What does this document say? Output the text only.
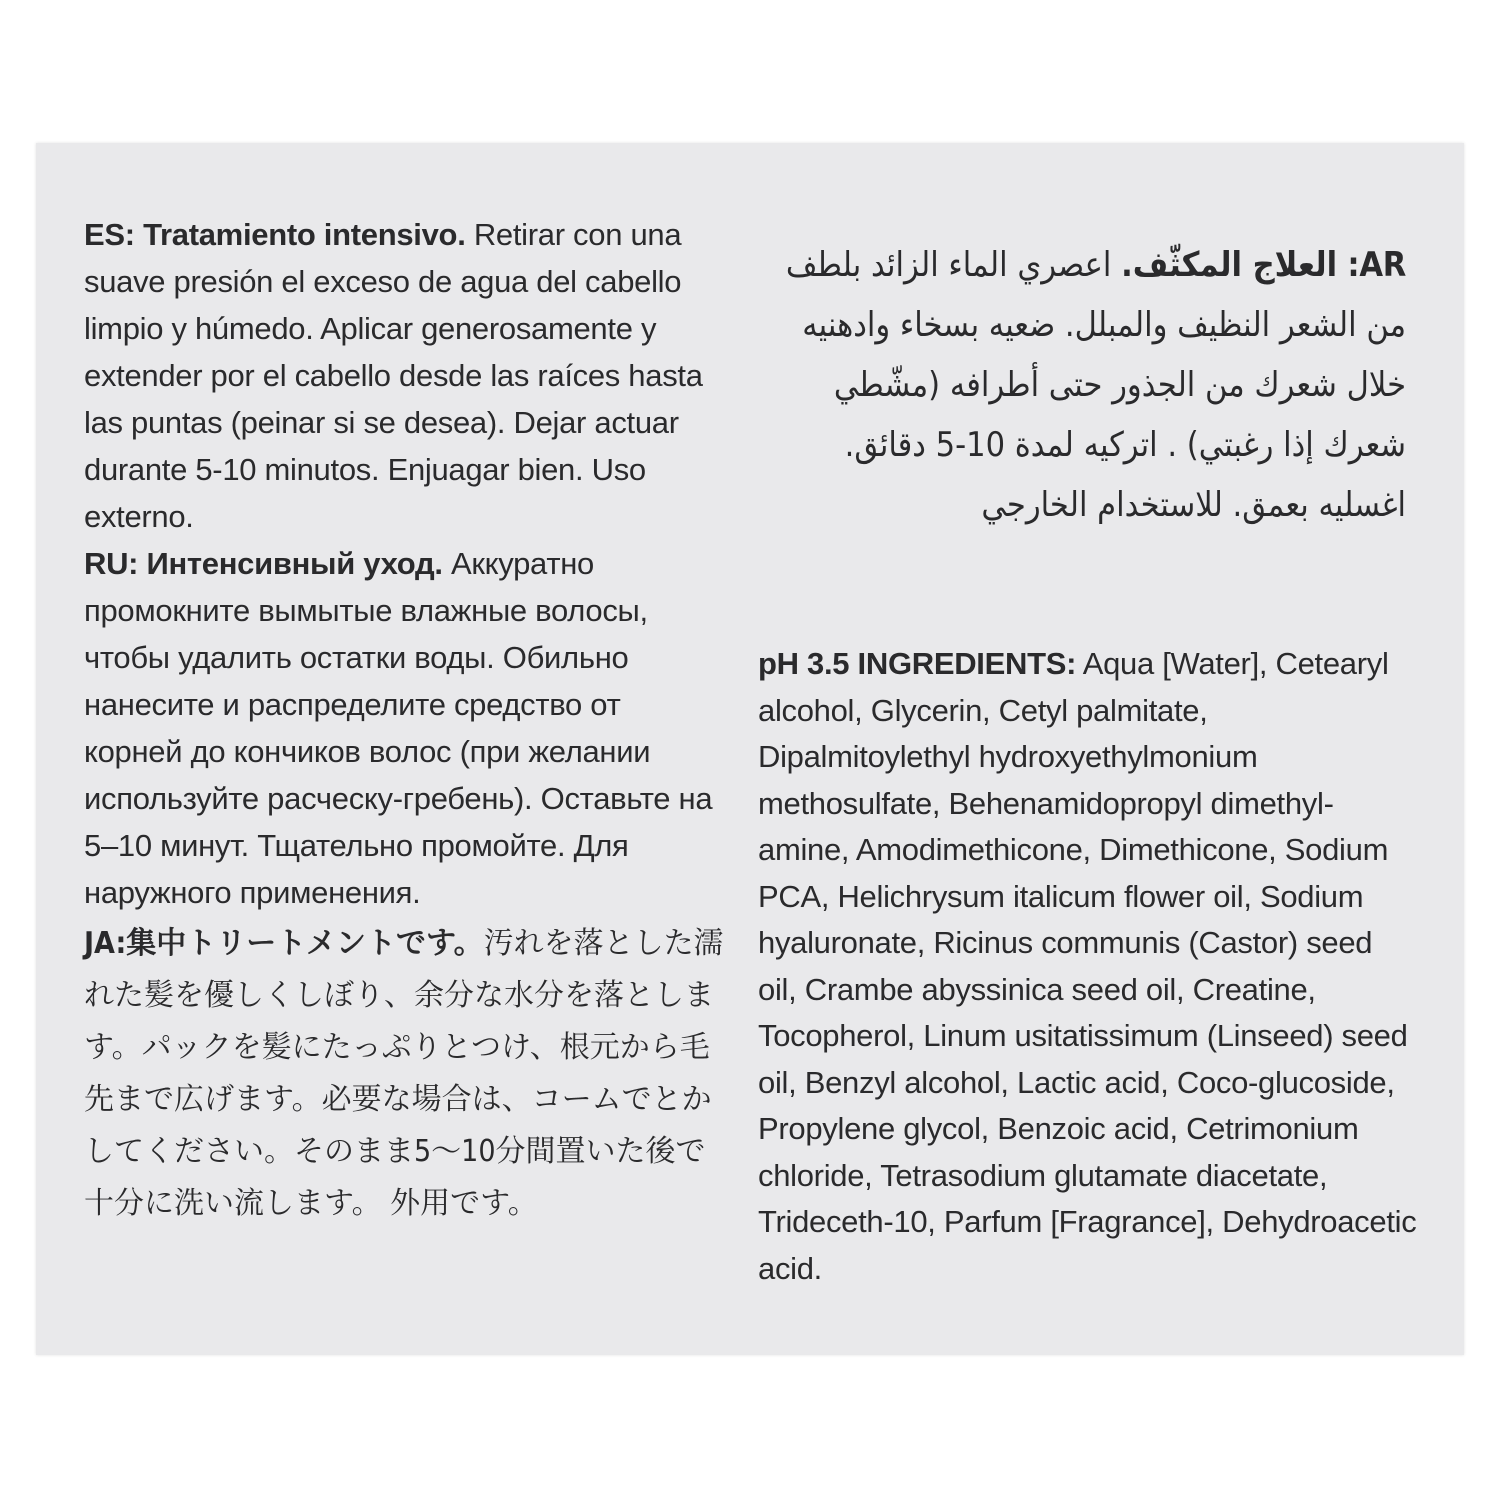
ES: Tratamiento intensivo. Retirar con una suave presión el exceso de agua del cabello limpio y húmedo. Aplicar generosamente y extender por el cabello desde las raíces hasta las puntas (peinar si se desea). Dejar actuar durante 5-10 minutos. Enjuagar bien. Uso externo.
RU: Интенсивный уход. Аккуратно промокните вымытые влажные волосы, чтобы удалить остатки воды. Обильно нанесите и распределите средство от корней до кончиков волос (при желании используйте расческу-гребень). Оставьте на 5–10 минут. Тщательно промойте. Для наружного применения.
JA:集中トリートメントです。汚れを落とした濡れた髪を優しくしぼり、余分な水分を落とします。パックを髪にたっぷりとつけ、根元から毛先まで広げます。必要な場合は、コームでとかしてください。そのまま5〜10分間置いた後で 十分に洗い流します。 外用です。
AR: العلاج المكثّف. اعصري الماء الزائد بلطف من الشعر النظيف والمبلل. ضعيه بسخاء وادهنيه خلال شعرك من الجذور حتى أطرافه (مشّطي شعرك إذا رغبتي) . اتركيه لمدة 10-5 دقائق. اغسليه بعمق. للاستخدام الخارجي
pH 3.5 INGREDIENTS: Aqua [Water], Cetearyl alcohol, Glycerin, Cetyl palmitate, Dipalmitoylethyl hydroxyethylmonium methosulfate, Behenamidopropyl dimethyl-amine, Amodimethicone, Dimethicone, Sodium PCA, Helichrysum italicum flower oil, Sodium hyaluronate, Ricinus communis (Castor) seed oil, Crambe abyssinica seed oil, Creatine, Tocopherol, Linum usitatissimum (Linseed) seed oil, Benzyl alcohol, Lactic acid, Coco-glucoside, Propylene glycol, Benzoic acid, Cetrimonium chloride, Tetrasodium glutamate diacetate, Trideceth-10, Parfum [Fragrance], Dehydroacetic acid.
